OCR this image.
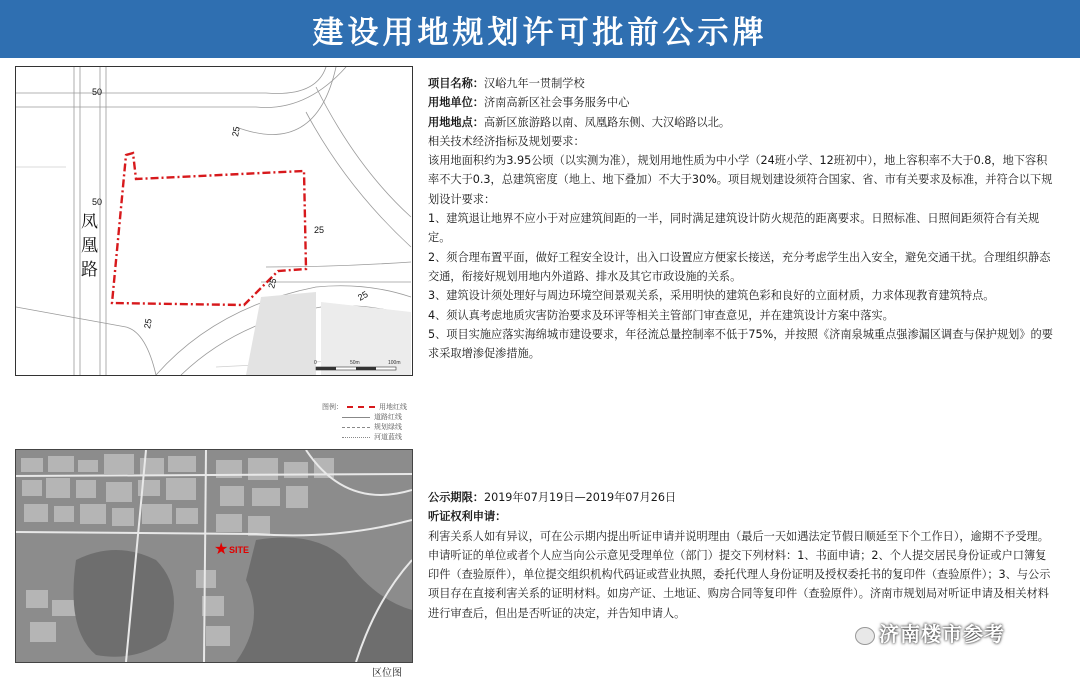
建设用地规划许可批前公示牌
50
25
50
25
25
25
25
凤
凰
路
0	50m	100m
图例：	用地红线
道路红线
规划绿线
河道蓝线
★ SITE
区位图

项目名称：汉峪九年一贯制学校

用地单位：济南高新区社会事务服务中心

用地地点：高新区旅游路以南、凤凰路东侧、大汉峪路以北。

相关技术经济指标及规划要求：

该用地面积约为3.95公顷（以实测为准），规划用地性质为中小学（24班小学、12班初中），地上容积率不大于0.8，地下容积率不大于0.3，总建筑密度（地上、地下叠加）不大于30%。项目规划建设须符合国家、省、市有关要求及标准，并符合以下规划设计要求：

1、建筑退让地界不应小于对应建筑间距的一半，同时满足建筑设计防火规范的距离要求。日照标准、日照间距须符合有关规定。

2、须合理布置平面，做好工程安全设计，出入口设置应方便家长接送，充分考虑学生出入安全，避免交通干扰。合理组织静态交通，衔接好规划用地内外道路、排水及其它市政设施的关系。

3、建筑设计须处理好与周边环境空间景观关系，采用明快的建筑色彩和良好的立面材质，力求体现教育建筑特点。

4、须认真考虑地质灾害防治要求及环评等相关主管部门审查意见，并在建筑设计方案中落实。

5、项目实施应落实海绵城市建设要求，年径流总量控制率不低于75%，并按照《济南泉城重点强渗漏区调查与保护规划》的要求采取增渗促渗措施。

公示期限：2019年07月19日—2019年07月26日

听证权利申请：

利害关系人如有异议，可在公示期内提出听证申请并说明理由（最后一天如遇法定节假日顺延至下个工作日），逾期不予受理。申请听证的单位或者个人应当向公示意见受理单位（部门）提交下列材料：1、书面申请；2、个人提交居民身份证或户口簿复印件（查验原件），单位提交组织机构代码证或营业执照，委托代理人身份证明及授权委托书的复印件（查验原件）；3、与公示项目存在直接利害关系的证明材料。如房产证、土地证、购房合同等复印件（查验原件）。济南市规划局对听证申请及相关材料进行审查后，但出是否听证的决定，并告知申请人。

济南楼市参考
